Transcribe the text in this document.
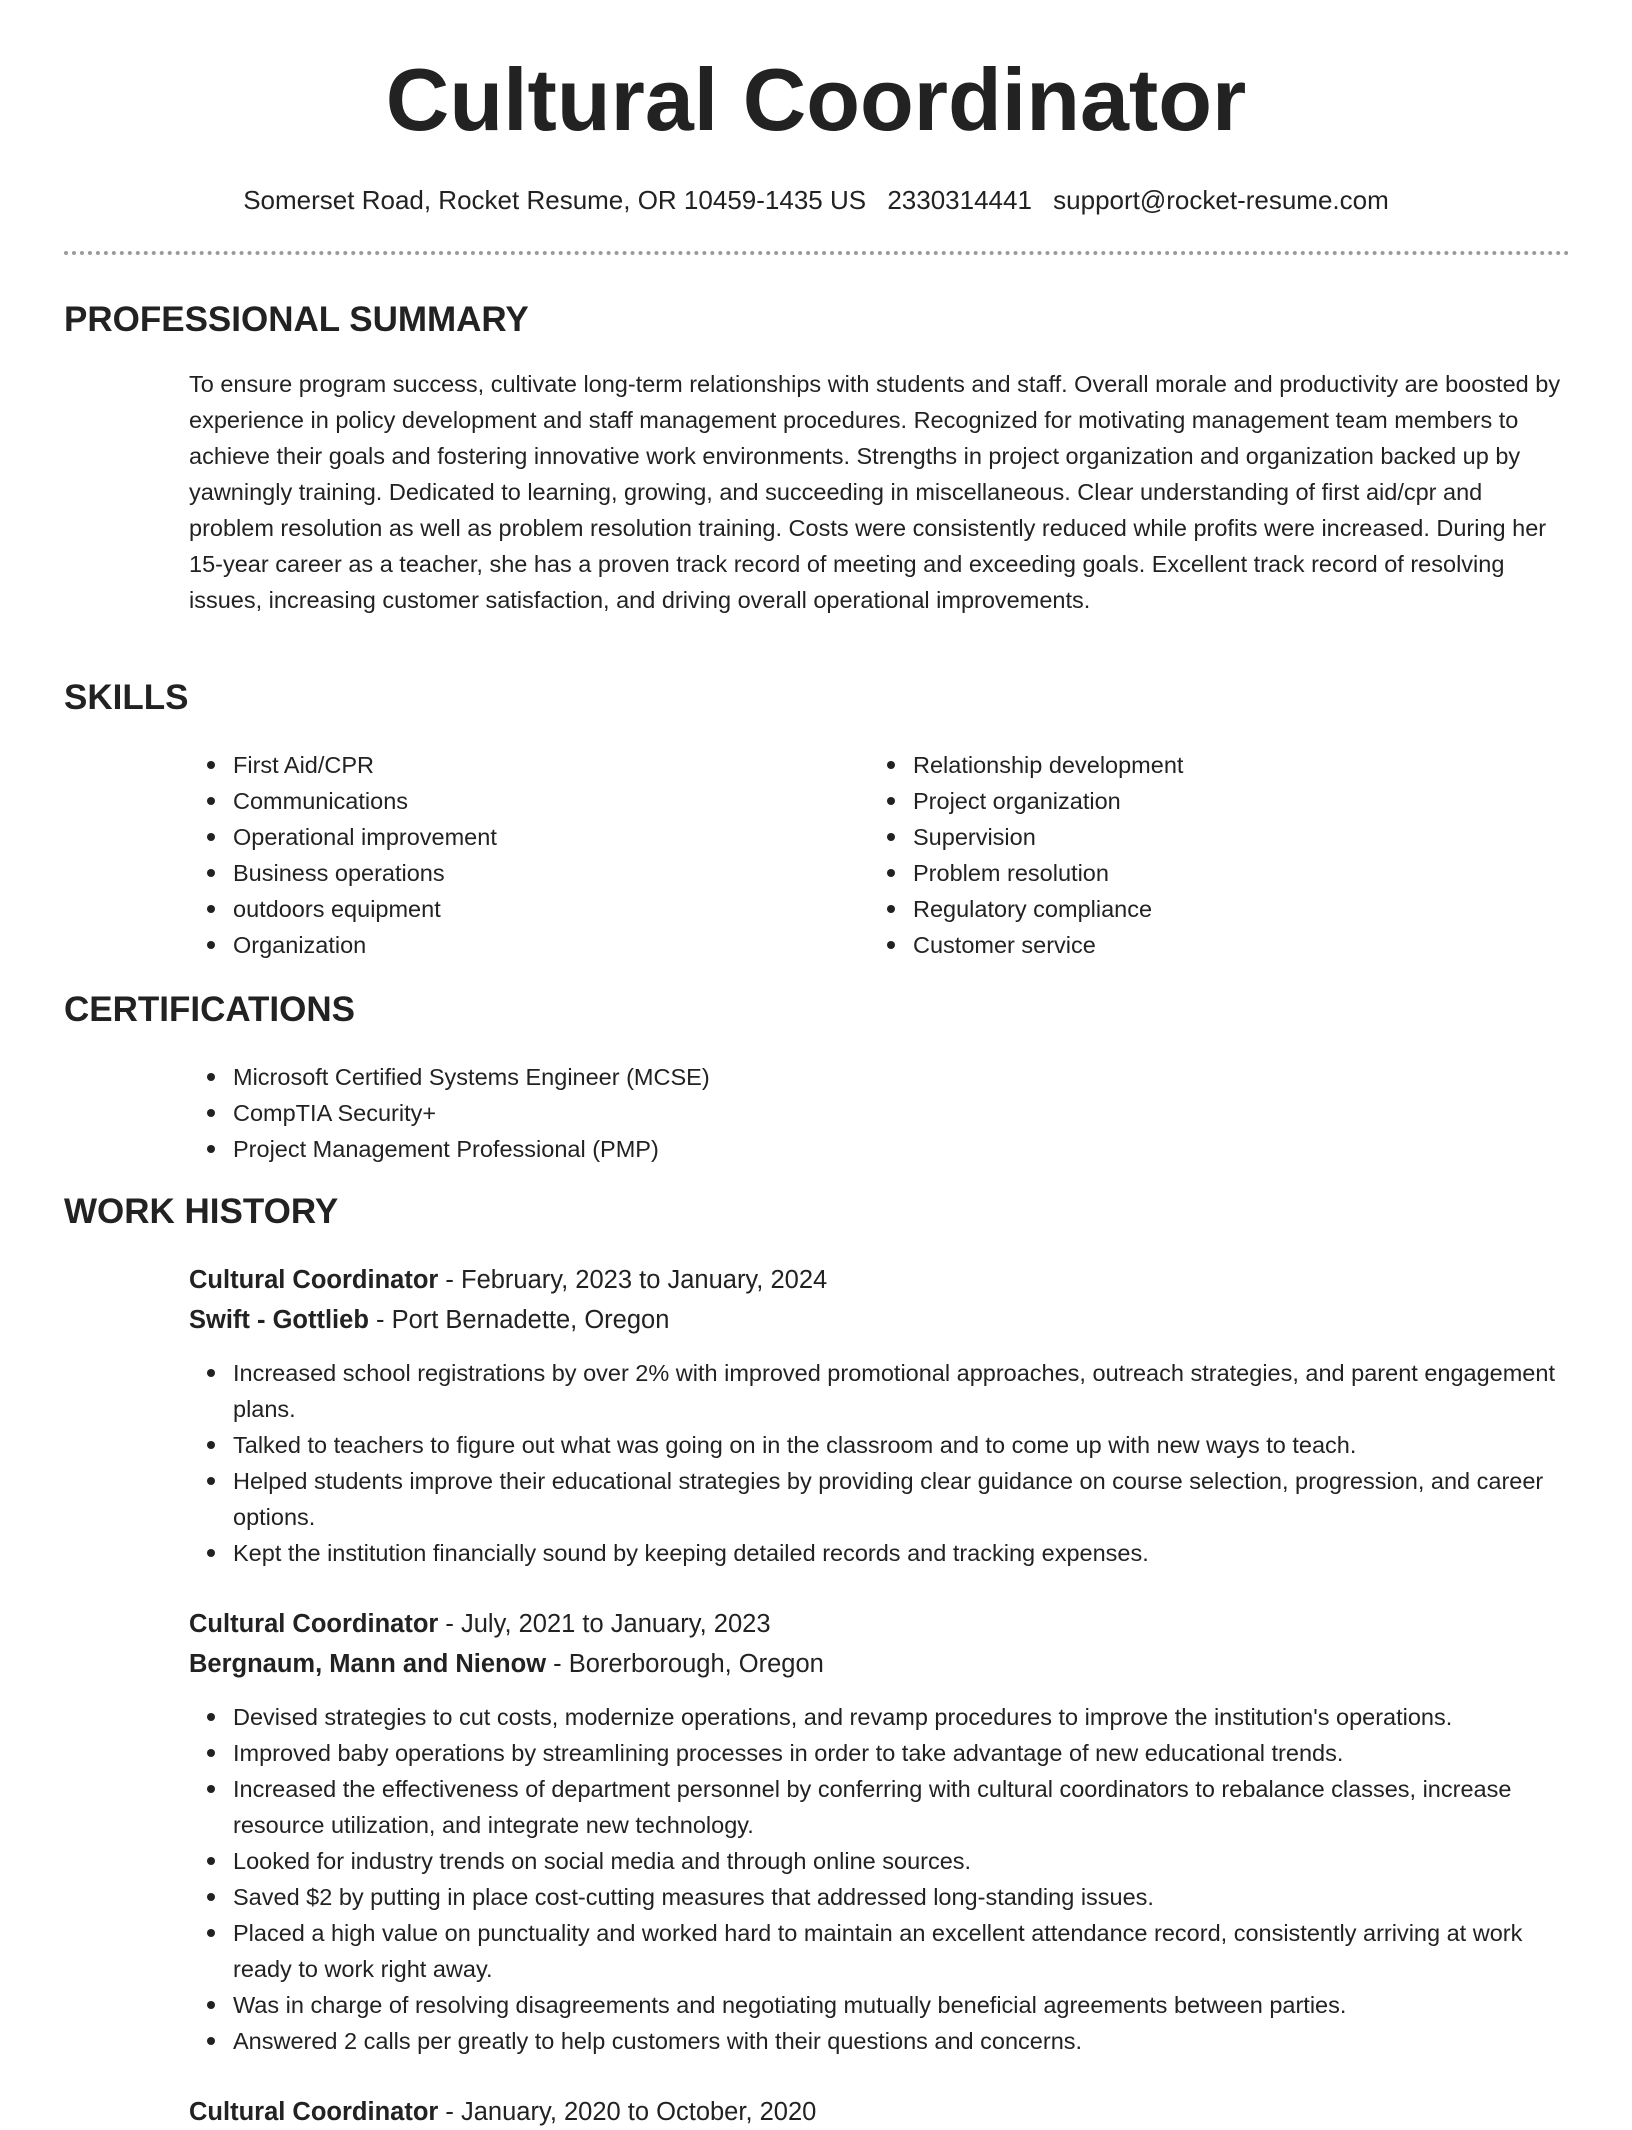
Cultural Coordinator
Somerset Road, Rocket Resume, OR 10459-1435 US 2330314441 support@rocket-resume.com
PROFESSIONAL SUMMARY
To ensure program success, cultivate long-term relationships with students and staff. Overall morale and productivity are boosted by experience in policy development and staff management procedures. Recognized for motivating management team members to achieve their goals and fostering innovative work environments. Strengths in project organization and organization backed up by yawningly training. Dedicated to learning, growing, and succeeding in miscellaneous. Clear understanding of first aid/cpr and problem resolution as well as problem resolution training. Costs were consistently reduced while profits were increased. During her 15-year career as a teacher, she has a proven track record of meeting and exceeding goals. Excellent track record of resolving issues, increasing customer satisfaction, and driving overall operational improvements.
SKILLS
First Aid/CPR
Communications
Operational improvement
Business operations
outdoors equipment
Organization
Relationship development
Project organization
Supervision
Problem resolution
Regulatory compliance
Customer service
CERTIFICATIONS
Microsoft Certified Systems Engineer (MCSE)
CompTIA Security+
Project Management Professional (PMP)
WORK HISTORY
Cultural Coordinator - February, 2023 to January, 2024
Swift - Gottlieb - Port Bernadette, Oregon
Increased school registrations by over 2% with improved promotional approaches, outreach strategies, and parent engagement plans.
Talked to teachers to figure out what was going on in the classroom and to come up with new ways to teach.
Helped students improve their educational strategies by providing clear guidance on course selection, progression, and career options.
Kept the institution financially sound by keeping detailed records and tracking expenses.
Cultural Coordinator - July, 2021 to January, 2023
Bergnaum, Mann and Nienow - Borerborough, Oregon
Devised strategies to cut costs, modernize operations, and revamp procedures to improve the institution's operations.
Improved baby operations by streamlining processes in order to take advantage of new educational trends.
Increased the effectiveness of department personnel by conferring with cultural coordinators to rebalance classes, increase resource utilization, and integrate new technology.
Looked for industry trends on social media and through online sources.
Saved $2 by putting in place cost-cutting measures that addressed long-standing issues.
Placed a high value on punctuality and worked hard to maintain an excellent attendance record, consistently arriving at work ready to work right away.
Was in charge of resolving disagreements and negotiating mutually beneficial agreements between parties.
Answered 2 calls per greatly to help customers with their questions and concerns.
Cultural Coordinator - January, 2020 to October, 2020
